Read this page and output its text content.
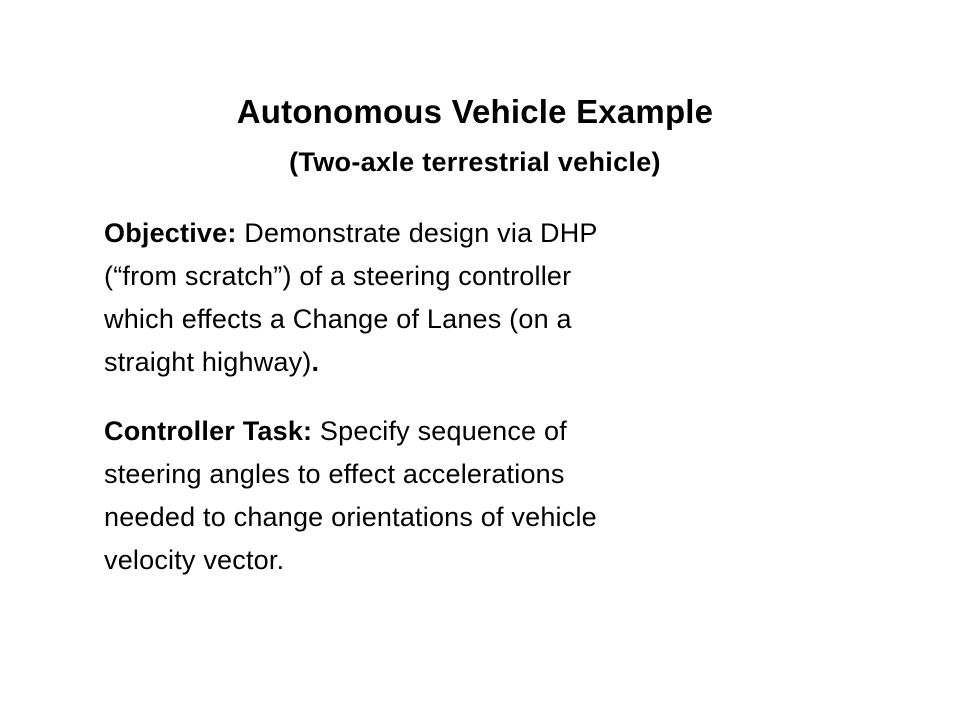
Autonomous Vehicle Example
(Two-axle terrestrial vehicle)
Objective: Demonstrate design via DHP
(“from scratch”) of a steering controller
which effects a Change of Lanes (on a
straight highway).
Controller Task: Specify sequence of
steering angles to effect accelerations
needed to change orientations of vehicle
velocity vector.
